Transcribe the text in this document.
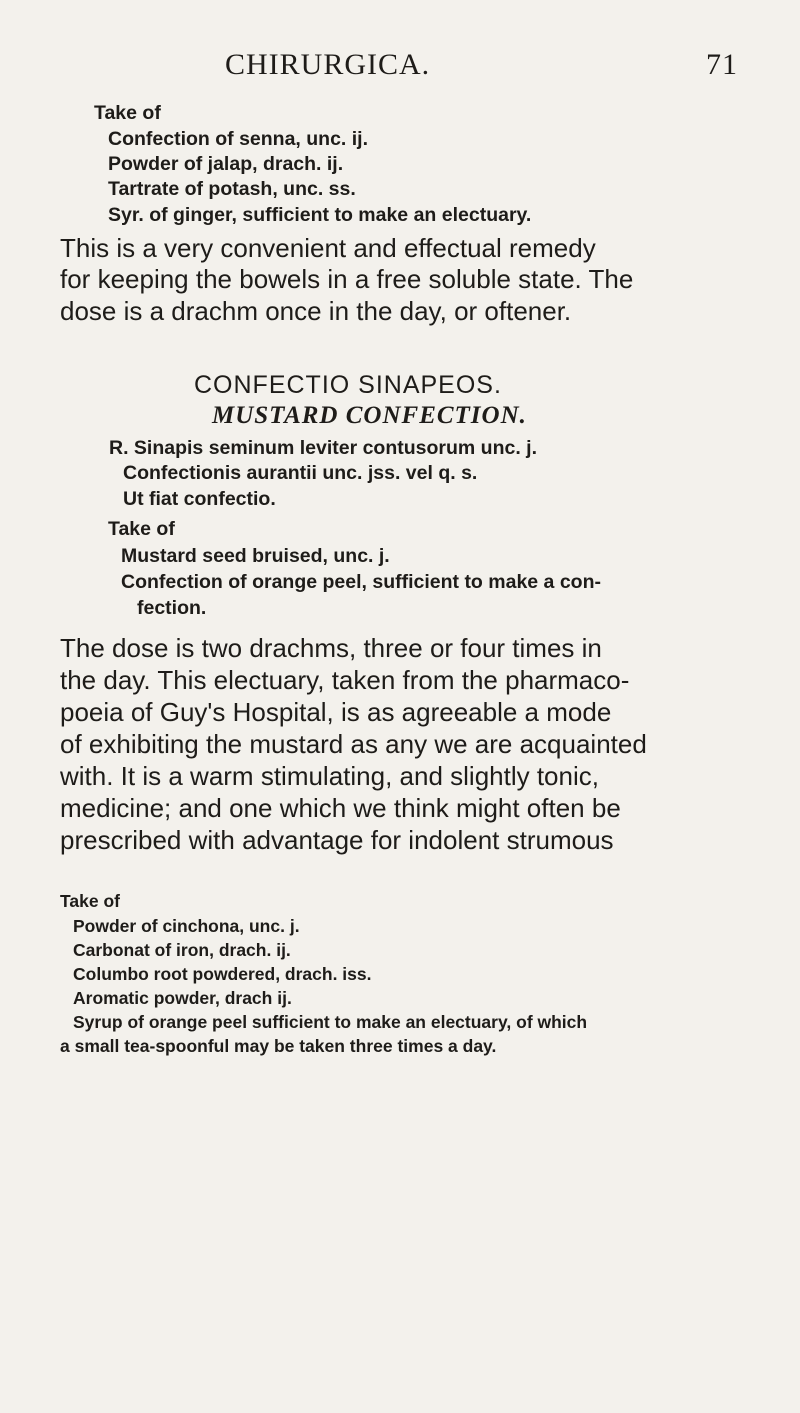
CHIRURGICA.	71
Take of
Confection of senna, unc. ij.
Powder of jalap, drach. ij.
Tartrate of potash, unc. ss.
Syr. of ginger, sufficient to make an electuary.
This is a very convenient and effectual remedy
for keeping the bowels in a free soluble state. The
dose is a drachm once in the day, or oftener.
CONFECTIO SINAPEOS.
MUSTARD CONFECTION.
R. Sinapis seminum leviter contusorum unc. j.
Confectionis aurantii unc. jss. vel q. s.
Ut fiat confectio.
Take of
Mustard seed bruised, unc. j.
Confection of orange peel, sufficient to make a con-
fection.
The dose is two drachms, three or four times in
the day. This electuary, taken from the pharmaco-
poeia of Guy's Hospital, is as agreeable a mode
of exhibiting the mustard as any we are acquainted
with. It is a warm stimulating, and slightly tonic,
medicine; and one which we think might often be
prescribed with advantage for indolent strumous
Take of
Powder of cinchona, unc. j.
Carbonat of iron, drach. ij.
Columbo root powdered, drach. iss.
Aromatic powder, drach ij.
Syrup of orange peel sufficient to make an electuary, of which
a small tea-spoonful may be taken three times a day.
